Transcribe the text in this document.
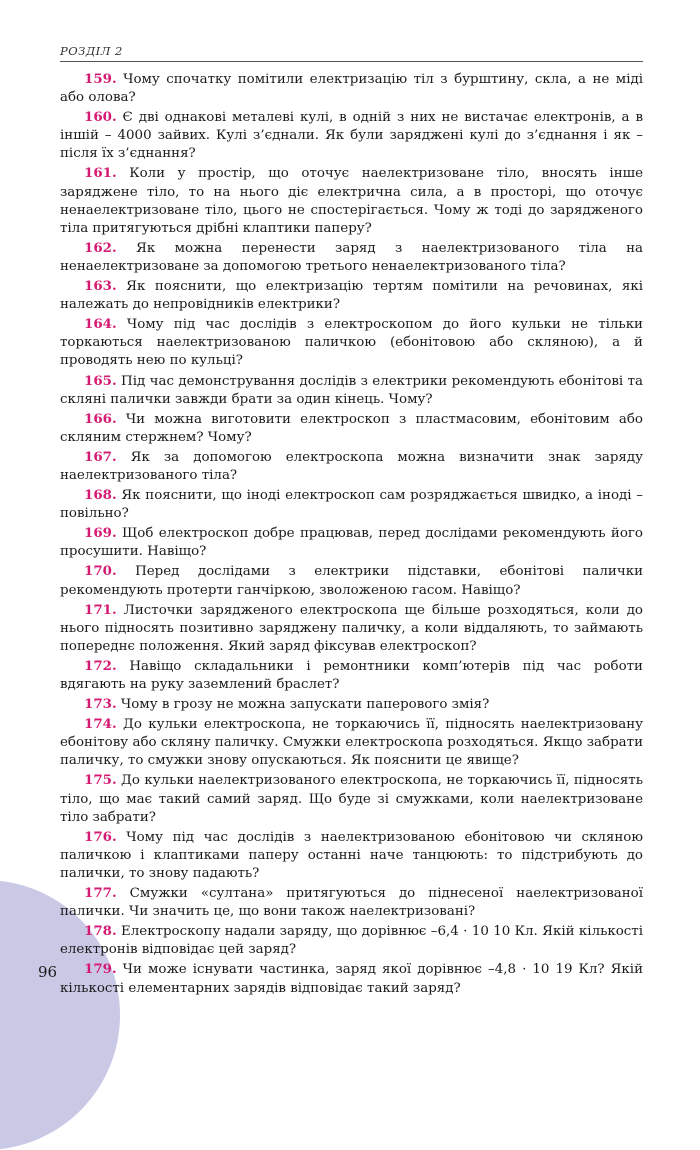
РОЗДІЛ 2

159. Чому спочатку помітили електризацію тіл з бурштину, скла, а не міді або олова?

160. Є дві однакові металеві кулі, в одній з них не вистачає електронів, а в іншій – 4000 зайвих. Кулі з’єднали. Як були заряджені кулі до з’єднання і як – після їх з’єднання?

161. Коли у простір, що оточує наелектризоване тіло, вносять інше заряджене тіло, то на нього діє електрична сила, а в просторі, що оточує ненаелектризоване тіло, цього не спостерігається. Чому ж тоді до зарядженого тіла притягуються дрібні клаптики паперу?

162. Як можна перенести заряд з наелектризованого тіла на ненаелектризоване за допомогою третього ненаелектризованого тіла?

163. Як пояснити, що електризацію тертям помітили на речовинах, які належать до непровідників електрики?

164. Чому під час дослідів з електроскопом до його кульки не тільки торкаються наелектризованою паличкою (ебонітовою або скляною), а й проводять нею по кульці?

165. Під час демонстрування дослідів з електрики рекомендують ебонітові та скляні палички завжди брати за один кінець. Чому?

166. Чи можна виготовити електроскоп з пластмасовим, ебонітовим або скляним стержнем? Чому?

167. Як за допомогою електроскопа можна визначити знак заряду наелектризованого тіла?

168. Як пояснити, що іноді електроскоп сам розряджається швидко, а іноді – повільно?

169. Щоб електроскоп добре працював, перед дослідами рекомендують його просушити. Навіщо?

170. Перед дослідами з електрики підставки, ебонітові палички рекомендують протерти ганчіркою, зволоженою гасом. Навіщо?

171. Листочки зарядженого електроскопа ще більше розходяться, коли до нього підносять позитивно заряджену паличку, а коли віддаляють, то займають попереднє положення. Який заряд фіксував електроскоп?

172. Навіщо складальники і ремонтники комп’ютерів під час роботи вдягають на руку заземлений браслет?

173. Чому в грозу не можна запускати паперового змія?

174. До кульки електроскопа, не торкаючись її, підносять наелектризовану ебонітову або скляну паличку. Смужки електроскопа розходяться. Якщо забрати паличку, то смужки знову опускаються. Як пояснити це явище?

175. До кульки наелектризованого електроскопа, не торкаючись її, підносять тіло, що має такий самий заряд. Що буде зі смужками, коли наелектризоване тіло забрати?

176. Чому під час дослідів з наелектризованою ебонітовою чи скляною паличкою і клаптиками паперу останні наче танцюють: то підстрибують до палички, то знову падають?

177. Смужки «султана» притягуються до піднесеної наелектризованої палички. Чи значить це, що вони також наелектризовані?

178. Електроскопу надали заряду, що дорівнює –6,4 · 10 10 Кл. Якій кількості електронів відповідає цей заряд?

179. Чи може існувати частинка, заряд якої дорівнює –4,8 · 10 19 Кл? Якій кількості елементарних зарядів відповідає такий заряд?

96
